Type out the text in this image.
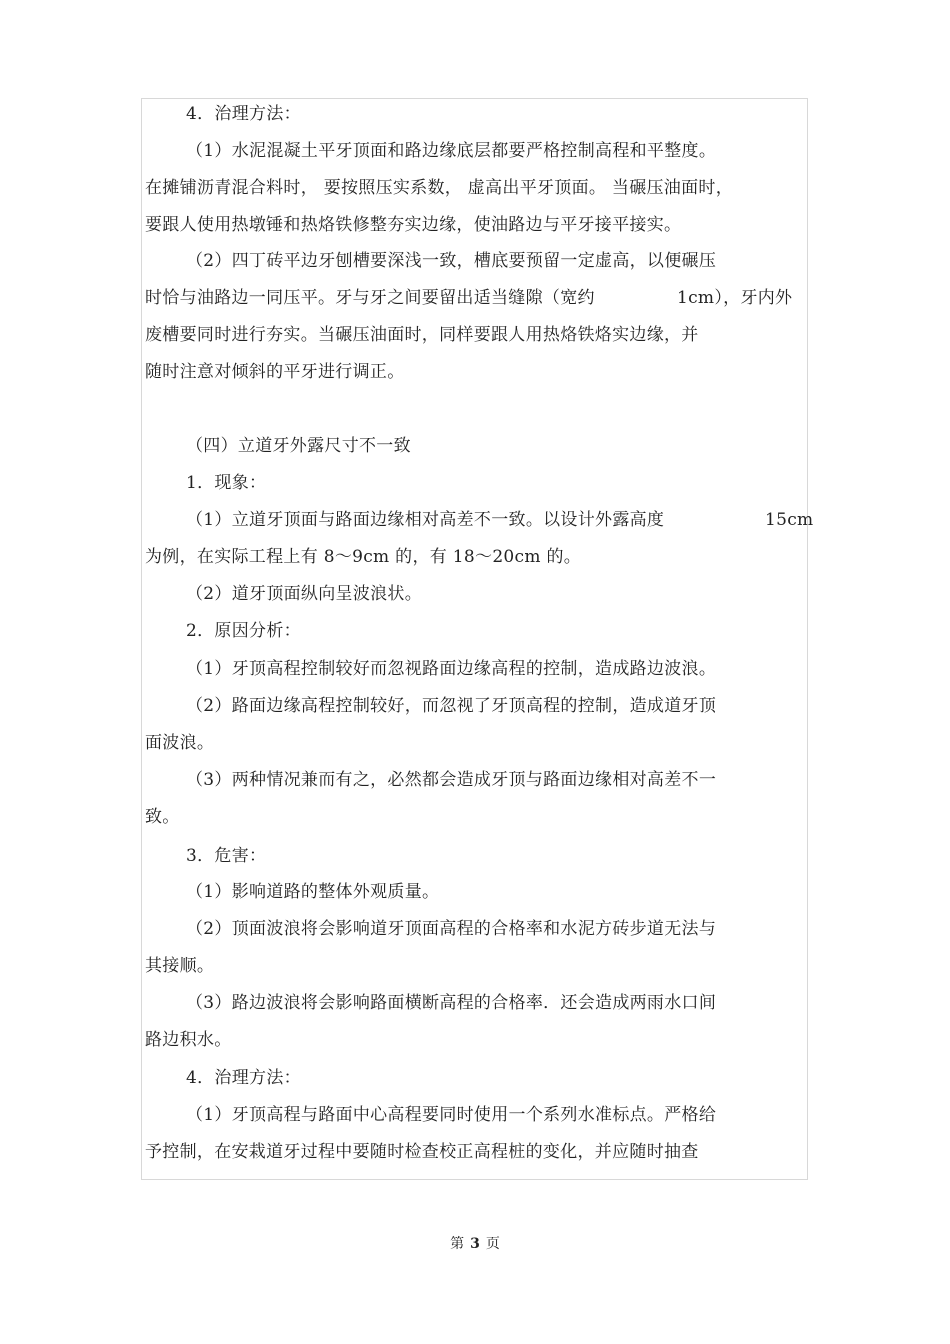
4．治理方法：
（1）水泥混凝土平牙顶面和路边缘底层都要严格控制高程和平整度。
在摊铺沥青混合料时， 要按照压实系数， 虚高出平牙顶面。 当碾压油面时，
要跟人使用热墩锤和热烙铁修整夯实边缘，使油路边与平牙接平接实。
（2）四丁砖平边牙刨槽要深浅一致，槽底要预留一定虚高，以便碾压
时恰与油路边一同压平。牙与牙之间要留出适当缝隙（宽约	1cm），牙内外
废槽要同时进行夯实。当碾压油面时，同样要跟人用热烙铁烙实边缘，并
随时注意对倾斜的平牙进行调正。
（四）立道牙外露尺寸不一致
1．现象：
（1）立道牙顶面与路面边缘相对高差不一致。以设计外露高度	15cm
为例，在实际工程上有 8～9cm 的，有 18～20cm 的。
（2）道牙顶面纵向呈波浪状。
2．原因分析：
（1）牙顶高程控制较好而忽视路面边缘高程的控制，造成路边波浪。
（2）路面边缘高程控制较好，而忽视了牙顶高程的控制，造成道牙顶
面波浪。
（3）两种情况兼而有之，必然都会造成牙顶与路面边缘相对高差不一
致。
3．危害：
（1）影响道路的整体外观质量。
（2）顶面波浪将会影响道牙顶面高程的合格率和水泥方砖步道无法与
其接顺。
（3）路边波浪将会影响路面横断高程的合格率．还会造成两雨水口间
路边积水。
4．治理方法：
（1）牙顶高程与路面中心高程要同时使用一个系列水准标点。严格给
予控制，在安栽道牙过程中要随时检查校正高程桩的变化，并应随时抽查
第 3 页
